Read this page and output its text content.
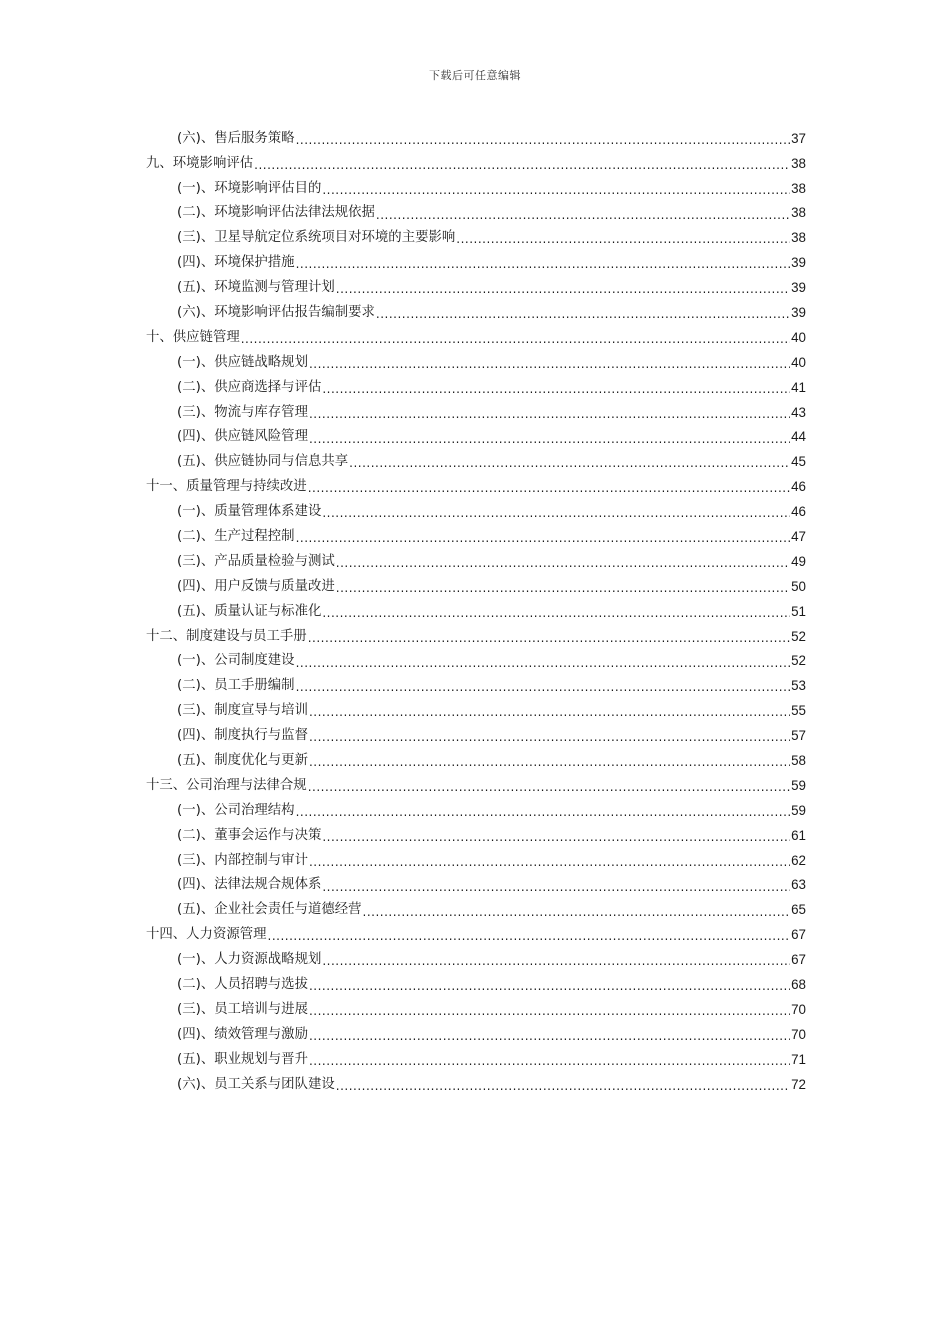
下载后可任意编辑
(六)、售后服务策略 .....	37
九、环境影响评估 .....	38
(一)、环境影响评估目的 .....	38
(二)、环境影响评估法律法规依据 .....	38
(三)、卫星导航定位系统项目对环境的主要影响 .....	38
(四)、环境保护措施 .....	39
(五)、环境监测与管理计划 .....	39
(六)、环境影响评估报告编制要求 .....	39
十、供应链管理 .....	40
(一)、供应链战略规划 .....	40
(二)、供应商选择与评估 .....	41
(三)、物流与库存管理 .....	43
(四)、供应链风险管理 .....	44
(五)、供应链协同与信息共享 .....	45
十一、质量管理与持续改进 .....	46
(一)、质量管理体系建设 .....	46
(二)、生产过程控制 .....	47
(三)、产品质量检验与测试 .....	49
(四)、用户反馈与质量改进 .....	50
(五)、质量认证与标准化 .....	51
十二、制度建设与员工手册 .....	52
(一)、公司制度建设 .....	52
(二)、员工手册编制 .....	53
(三)、制度宣导与培训 .....	55
(四)、制度执行与监督 .....	57
(五)、制度优化与更新 .....	58
十三、公司治理与法律合规 .....	59
(一)、公司治理结构 .....	59
(二)、董事会运作与决策 .....	61
(三)、内部控制与审计 .....	62
(四)、法律法规合规体系 .....	63
(五)、企业社会责任与道德经营 .....	65
十四、人力资源管理 .....	67
(一)、人力资源战略规划 .....	67
(二)、人员招聘与选拔 .....	68
(三)、员工培训与进展 .....	70
(四)、绩效管理与激励 .....	70
(五)、职业规划与晋升 .....	71
(六)、员工关系与团队建设 .....	72
